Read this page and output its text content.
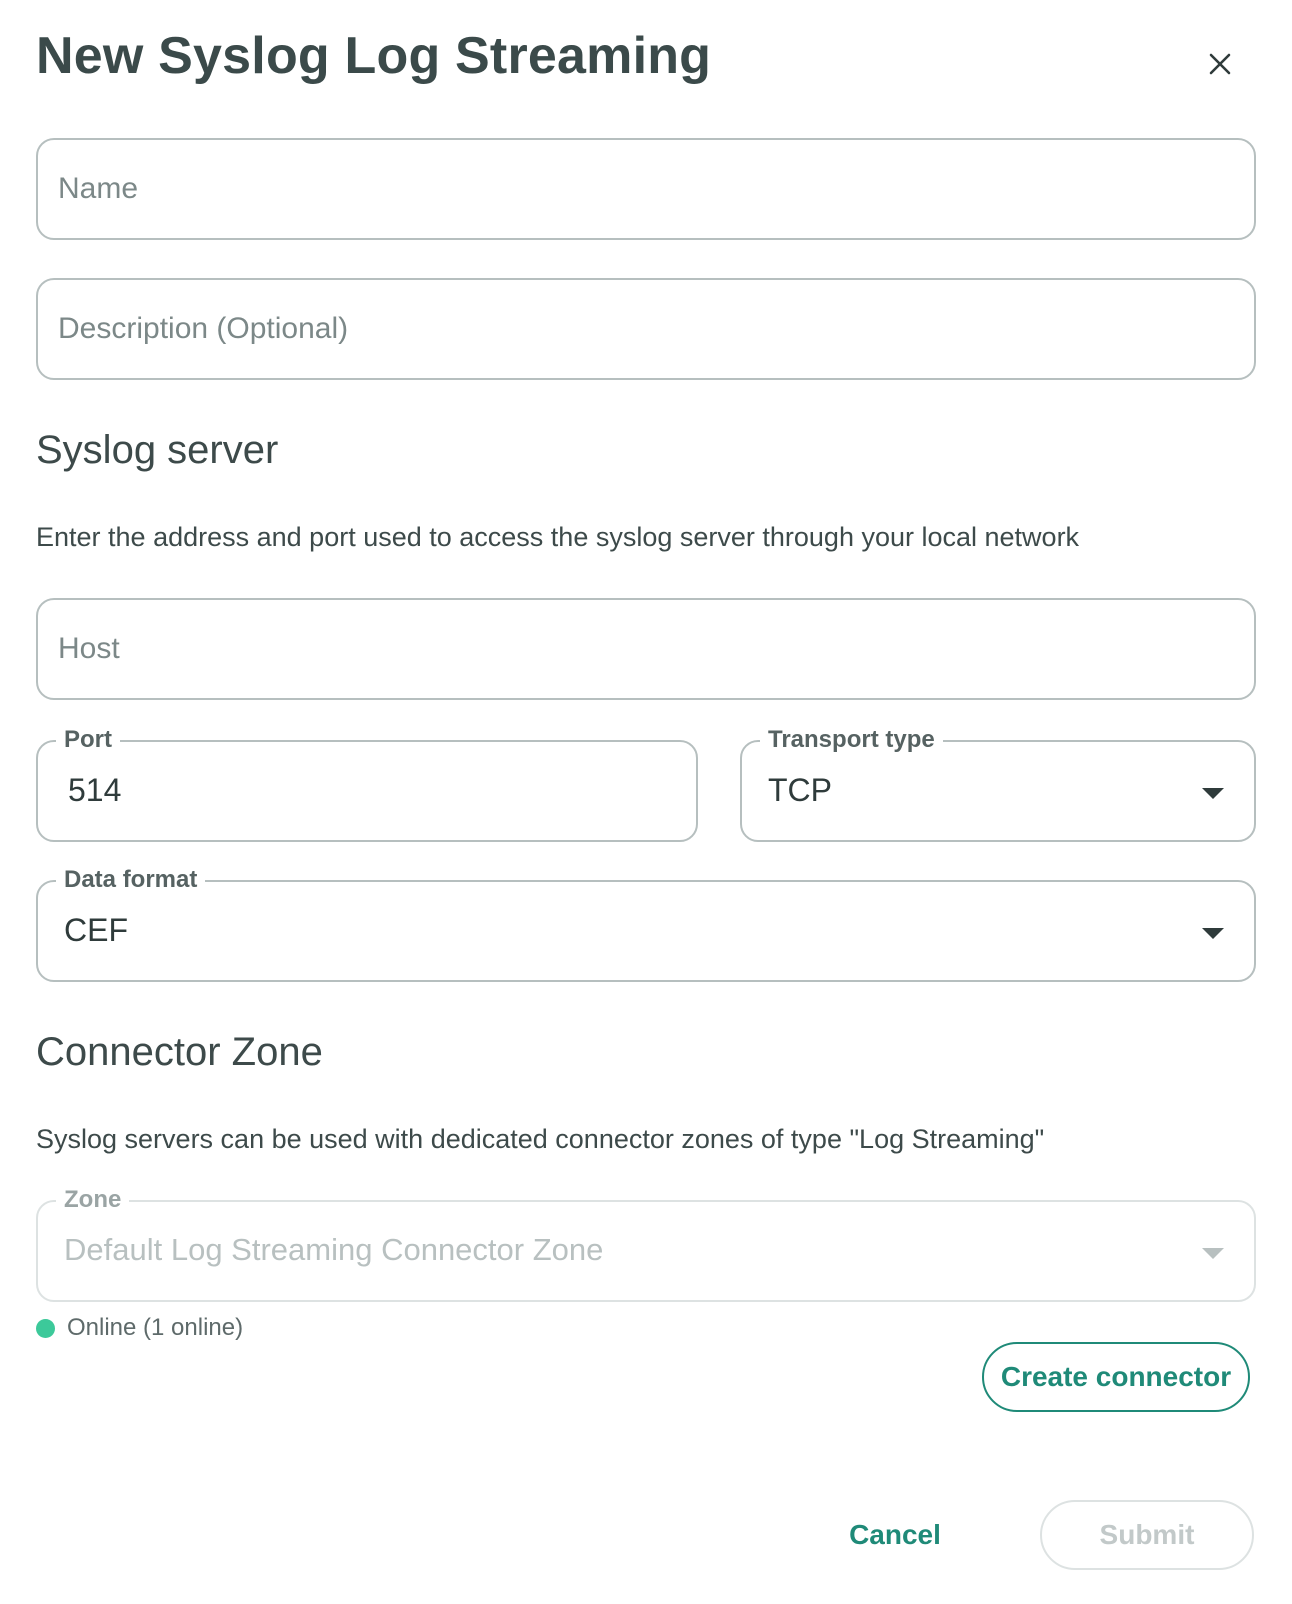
New Syslog Log Streaming
Name
Description (Optional)
Syslog server
Enter the address and port used to access the syslog server through your local network
Host
Port
514
Transport type
TCP
Data format
CEF
Connector Zone
Syslog servers can be used with dedicated connector zones of type "Log Streaming"
Zone
Default Log Streaming Connector Zone
Online (1 online)
Create connector
Cancel	Submit
